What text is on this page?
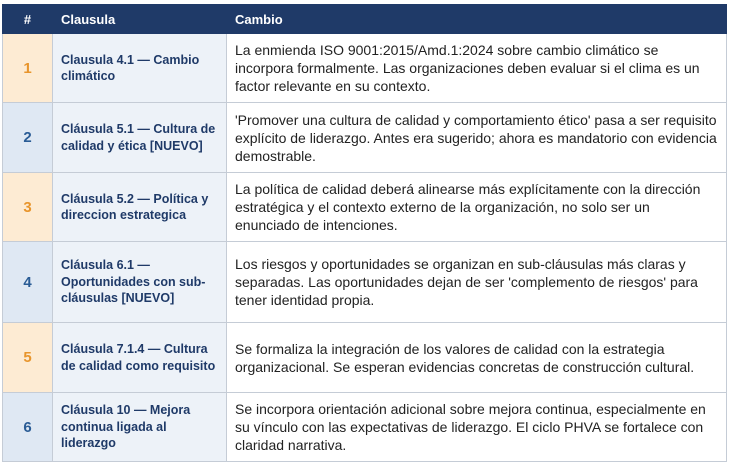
#	Clausula	Cambio
1	Clausula 4.1 — Cambio climático	La enmienda ISO 9001:2015/Amd.1:2024 sobre cambio climático se incorpora formalmente. Las organizaciones deben evaluar si el clima es un factor relevante en su contexto.
2	Cláusula 5.1 — Cultura de calidad y ética [NUEVO]	'Promover una cultura de calidad y comportamiento ético' pasa a ser requisito explícito de liderazgo. Antes era sugerido; ahora es mandatorio con evidencia demostrable.
3	Cláusula 5.2 — Política y direccion estrategica	La política de calidad deberá alinearse más explícitamente con la dirección estratégica y el contexto externo de la organización, no solo ser un enunciado de intenciones.
4	Cláusula 6.1 — Oportunidades con sub-cláusulas [NUEVO]	Los riesgos y oportunidades se organizan en sub-cláusulas más claras y separadas. Las oportunidades dejan de ser 'complemento de riesgos' para tener identidad propia.
5	Cláusula 7.1.4 — Cultura de calidad como requisito	Se formaliza la integración de los valores de calidad con la estrategia organizacional. Se esperan evidencias concretas de construcción cultural.
6	Cláusula 10 — Mejora continua ligada al liderazgo	Se incorpora orientación adicional sobre mejora continua, especialmente en su vínculo con las expectativas de liderazgo. El ciclo PHVA se fortalece con claridad narrativa.
